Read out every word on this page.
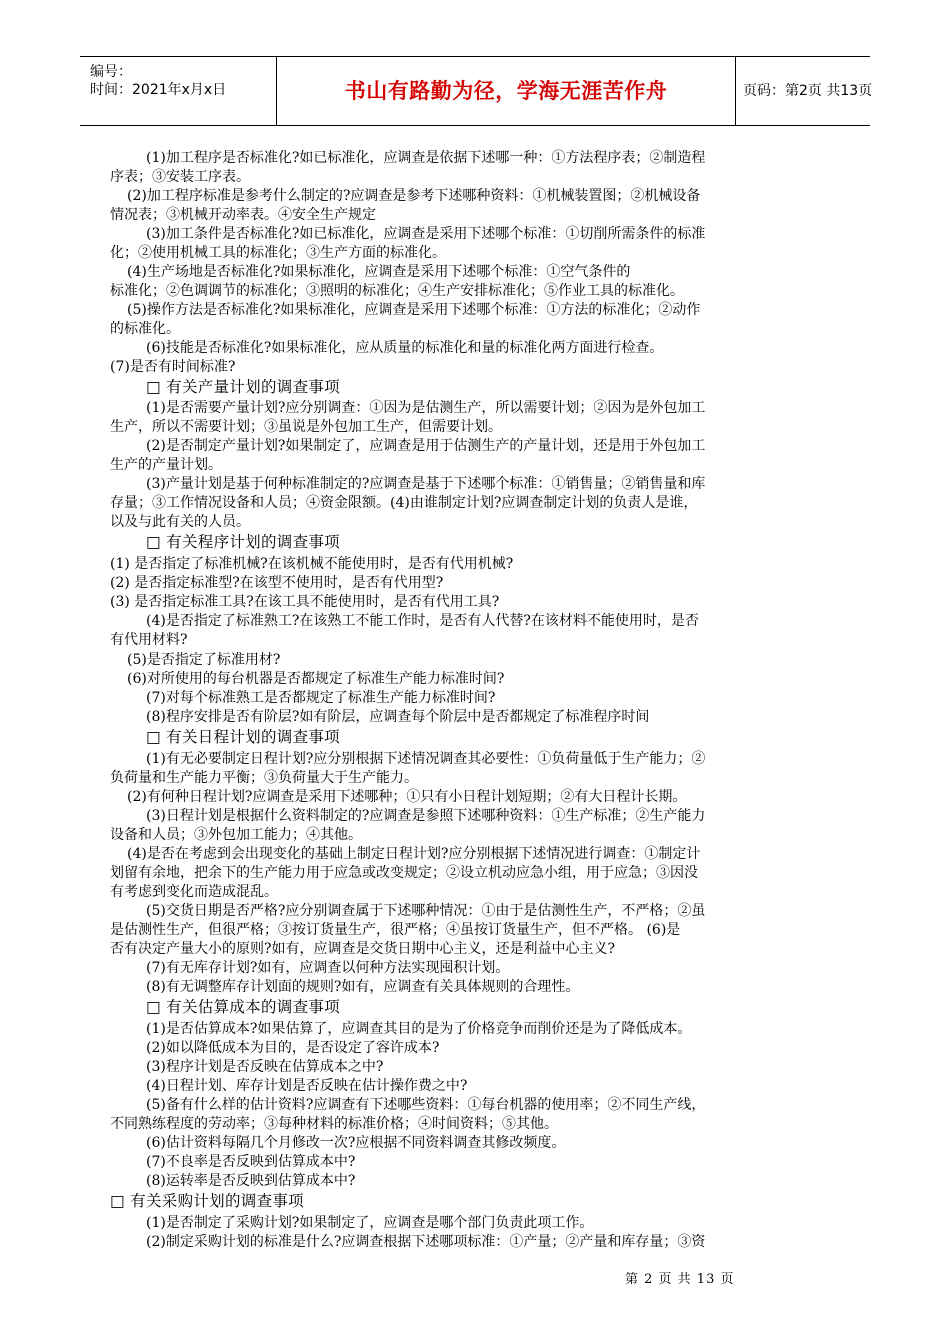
编号：
时间：2021年x月x日	书山有路勤为径，学海无涯苦作舟	页码：第2页 共13页
(1)加工程序是否标准化?如已标准化，应调查是依据下述哪一种：①方法程序表；②制造程
序表；③安装工序表。
(2)加工程序标准是参考什么制定的?应调查是参考下述哪种资料：①机械装置图；②机械设备
情况表；③机械开动率表。④安全生产规定
(3)加工条件是否标准化?如已标准化，应调查是采用下述哪个标准：①切削所需条件的标准
化；②使用机械工具的标准化；③生产方面的标准化。
(4)生产场地是否标准化?如果标准化，应调查是采用下述哪个标准：①空气条件的
标准化；②色调调节的标准化；③照明的标准化；④生产安排标准化；⑤作业工具的标准化。
(5)操作方法是否标准化?如果标准化，应调查是采用下述哪个标准：①方法的标准化；②动作
的标准化。
(6)技能是否标准化?如果标准化，应从质量的标准化和量的标准化两方面进行检查。
(7)是否有时间标准?
□ 有关产量计划的调查事项
(1)是否需要产量计划?应分别调查：①因为是估测生产，所以需要计划；②因为是外包加工
生产，所以不需要计划；③虽说是外包加工生产，但需要计划。
(2)是否制定产量计划?如果制定了，应调查是用于估测生产的产量计划，还是用于外包加工
生产的产量计划。
(3)产量计划是基于何种标准制定的?应调查是基于下述哪个标准：①销售量；②销售量和库
存量；③工作情况设备和人员；④资金限额。(4)由谁制定计划?应调查制定计划的负责人是谁，
以及与此有关的人员。
□ 有关程序计划的调查事项
(1) 是否指定了标准机械?在该机械不能使用时，是否有代用机械?
(2) 是否指定标准型?在该型不使用时，是否有代用型?
(3) 是否指定标准工具?在该工具不能使用时，是否有代用工具?
(4)是否指定了标准熟工?在该熟工不能工作时，是否有人代替?在该材料不能使用时，是否
有代用材料?
(5)是否指定了标准用材?
(6)对所使用的每台机器是否都规定了标准生产能力标准时间?
(7)对每个标准熟工是否都规定了标准生产能力标准时间?
(8)程序安排是否有阶层?如有阶层，应调查每个阶层中是否都规定了标准程序时间
□ 有关日程计划的调查事项
(1)有无必要制定日程计划?应分别根据下述情况调查其必要性：①负荷量低于生产能力；②
负荷量和生产能力平衡；③负荷量大于生产能力。
(2)有何种日程计划?应调查是采用下述哪种；①只有小日程计划短期；②有大日程计长期。
(3)日程计划是根据什么资料制定的?应调查是参照下述哪种资料：①生产标准；②生产能力
设备和人员；③外包加工能力；④其他。
(4)是否在考虑到会出现变化的基础上制定日程计划?应分别根据下述情况进行调查：①制定计
划留有余地，把余下的生产能力用于应急或改变规定；②设立机动应急小组，用于应急；③因没
有考虑到变化而造成混乱。
(5)交货日期是否严格?应分别调查属于下述哪种情况：①由于是估测性生产，不严格；②虽
是估测性生产，但很严格；③按订货量生产，很严格；④虽按订货量生产，但不严格。 (6)是
否有决定产量大小的原则?如有，应调查是交货日期中心主义，还是利益中心主义?
(7)有无库存计划?如有，应调查以何种方法实现囤积计划。
(8)有无调整库存计划面的规则?如有，应调查有关具体规则的合理性。
□ 有关估算成本的调查事项
(1)是否估算成本?如果估算了，应调查其目的是为了价格竞争而削价还是为了降低成本。
(2)如以降低成本为目的，是否设定了容许成本?
(3)程序计划是否反映在估算成本之中?
(4)日程计划、库存计划是否反映在估计操作费之中?
(5)备有什么样的估计资料?应调查有下述哪些资料：①每台机器的使用率；②不同生产线，
不同熟练程度的劳动率；③每种材料的标准价格；④时间资料；⑤其他。
(6)估计资料每隔几个月修改一次?应根据不同资料调查其修改频度。
(7)不良率是否反映到估算成本中?
(8)运转率是否反映到估算成本中?
□ 有关采购计划的调查事项
(1)是否制定了采购计划?如果制定了，应调查是哪个部门负责此项工作。
(2)制定采购计划的标准是什么?应调查根据下述哪项标准：①产量；②产量和库存量；③资
第 2 页 共 13 页
